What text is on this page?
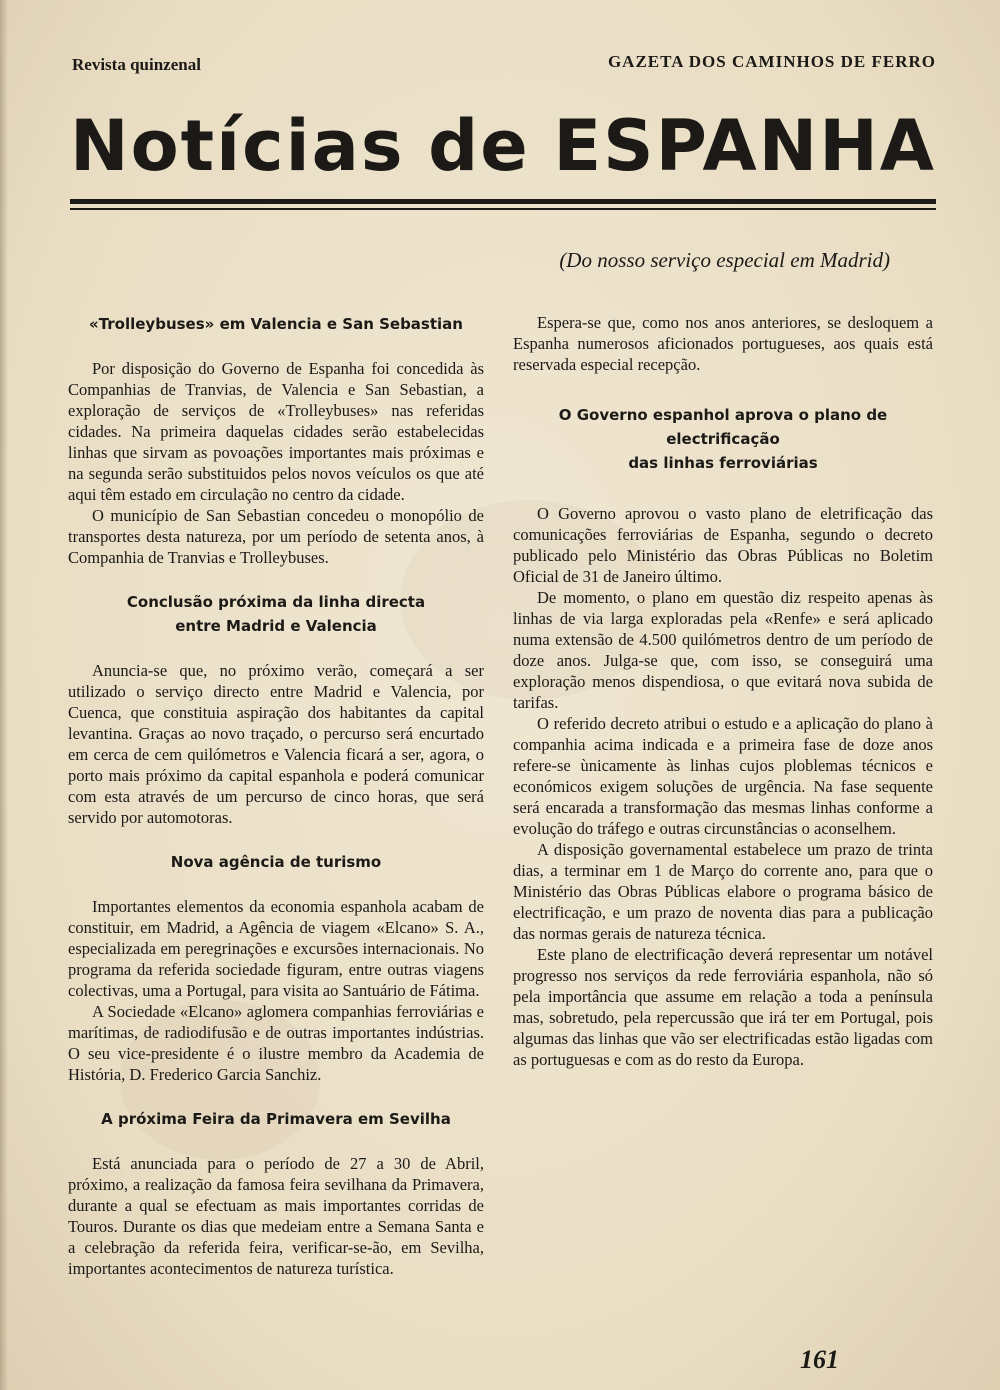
Revista quinzenal	GAZETA DOS CAMINHOS DE FERRO
Notícias de ESPANHA
(Do nosso serviço especial em Madrid)
«Trolleybuses» em Valencia e San Sebastian

Por disposição do Governo de Espanha foi concedida às Companhias de Tranvias, de Valencia e San Sebastian, a exploração de serviços de «Trolleybuses» nas referidas cidades. Na primeira daquelas cidades serão estabelecidas linhas que sirvam as povoações importantes mais próximas e na segunda serão substituidos pelos novos veículos os que até aqui têm estado em circulação no centro da cidade.

O município de San Sebastian concedeu o monopólio de transportes desta natureza, por um período de setenta anos, à Companhia de Tranvias e Trolleybuses.

Conclusão próxima da linha directa
entre Madrid e Valencia

Anuncia-se que, no próximo verão, começará a ser utilizado o serviço directo entre Madrid e Valencia, por Cuenca, que constituia aspiração dos habitantes da capital levantina. Graças ao novo traçado, o percurso será encurtado em cerca de cem quilómetros e Valencia ficará a ser, agora, o porto mais próximo da capital espanhola e poderá comunicar com esta através de um percurso de cinco horas, que será servido por automotoras.

Nova agência de turismo

Importantes elementos da economia espanhola acabam de constituir, em Madrid, a Agência de viagem «Elcano» S. A., especializada em peregrinações e excursões internacionais. No programa da referida sociedade figuram, entre outras viagens colectivas, uma a Portugal, para visita ao Santuário de Fátima.

A Sociedade «Elcano» aglomera companhias ferroviárias e marítimas, de radiodifusão e de outras importantes indústrias. O seu vice-presidente é o ilustre membro da Academia de História, D. Frederico Garcia Sanchiz.

A próxima Feira da Primavera em Sevilha

Está anunciada para o período de 27 a 30 de Abril, próximo, a realização da famosa feira sevilhana da Primavera, durante a qual se efectuam as mais importantes corridas de Touros. Durante os dias que medeiam entre a Semana Santa e a celebração da referida feira, verificar-se-ão, em Sevilha, importantes acontecimentos de natureza turística.

Espera-se que, como nos anos anteriores, se desloquem a Espanha numerosos aficionados portugueses, aos quais está reservada especial recepção.

O Governo espanhol aprova o plano de electrificação
das linhas ferroviárias

O Governo aprovou o vasto plano de eletrificação das comunicações ferroviárias de Espanha, segundo o decreto publicado pelo Ministério das Obras Públicas no Boletim Oficial de 31 de Janeiro último.

De momento, o plano em questão diz respeito apenas às linhas de via larga exploradas pela «Renfe» e será aplicado numa extensão de 4.500 quilómetros dentro de um período de doze anos. Julga-se que, com isso, se conseguirá uma exploração menos dispendiosa, o que evitará nova subida de tarifas.

O referido decreto atribui o estudo e a aplicação do plano à companhia acima indicada e a primeira fase de doze anos refere-se ùnicamente às linhas cujos ploblemas técnicos e económicos exigem soluções de urgência. Na fase sequente será encarada a transformação das mesmas linhas conforme a evolução do tráfego e outras circunstâncias o aconselhem.

A disposição governamental estabelece um prazo de trinta dias, a terminar em 1 de Março do corrente ano, para que o Ministério das Obras Públicas elabore o programa básico de electrificação, e um prazo de noventa dias para a publicação das normas gerais de natureza técnica.

Este plano de electrificação deverá representar um notável progresso nos serviços da rede ferroviária espanhola, não só pela importância que assume em relação a toda a península mas, sobretudo, pela repercussão que irá ter em Portugal, pois algumas das linhas que vão ser electrificadas estão ligadas com as portuguesas e com as do resto da Europa.

161
